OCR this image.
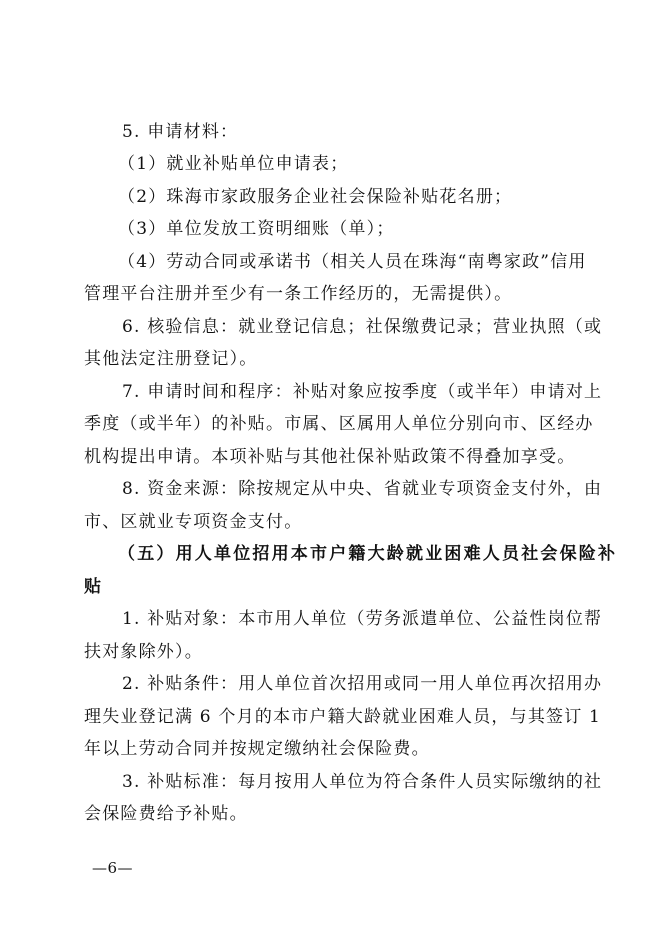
5. 申请材料：
（1）就业补贴单位申请表；
（2）珠海市家政服务企业社会保险补贴花名册；
（3）单位发放工资明细账（单）；
（4）劳动合同或承诺书（相关人员在珠海“南粤家政”信用
管理平台注册并至少有一条工作经历的，无需提供）。
6. 核验信息：就业登记信息；社保缴费记录；营业执照（或
其他法定注册登记）。
7. 申请时间和程序：补贴对象应按季度（或半年）申请对上
季度（或半年）的补贴。市属、区属用人单位分别向市、区经办
机构提出申请。本项补贴与其他社保补贴政策不得叠加享受。
8. 资金来源：除按规定从中央、省就业专项资金支付外，由
市、区就业专项资金支付。
（五）用人单位招用本市户籍大龄就业困难人员社会保险补
贴
1. 补贴对象：本市用人单位（劳务派遣单位、公益性岗位帮
扶对象除外）。
2. 补贴条件：用人单位首次招用或同一用人单位再次招用办
理失业登记满 6 个月的本市户籍大龄就业困难人员，与其签订 1
年以上劳动合同并按规定缴纳社会保险费。
3. 补贴标准：每月按用人单位为符合条件人员实际缴纳的社
会保险费给予补贴。
—6—
